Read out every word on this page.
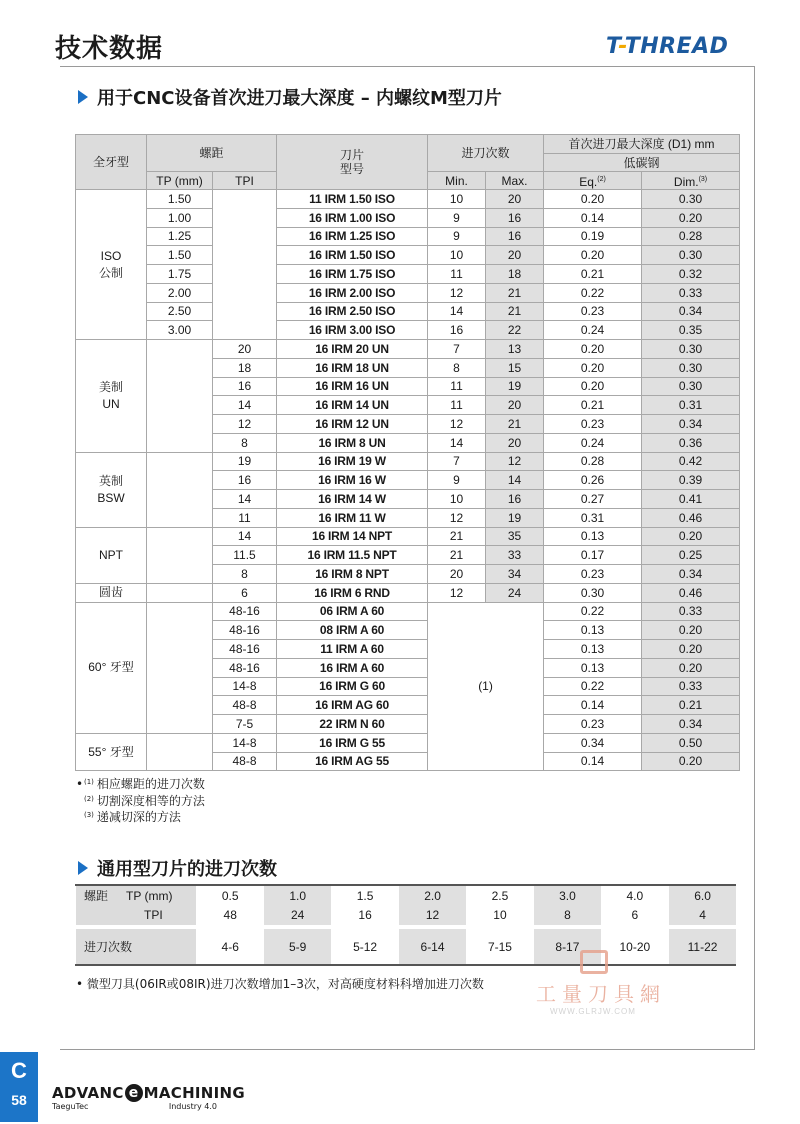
技术数据	T-THREAD
用于CNC设备首次进刀最大深度 – 内螺纹M型刀片
全牙型	螺距		刀片
型号	进刀次数		首次进刀最大深度 (D1) mm	
						低碳钢	
	TP (mm)	TPI		Min.	Max.	Eq.$^{(2)}$	Dim.$^{(3)}$
ISO
公制	1.50		11 IRM 1.50 ISO	10	20	0.20	0.30
	1.00		16 IRM 1.00 ISO	9	16	0.14	0.20
	1.25		16 IRM 1.25 ISO	9	16	0.19	0.28
	1.50		16 IRM 1.50 ISO	10	20	0.20	0.30
	1.75		16 IRM 1.75 ISO	11	18	0.21	0.32
	2.00		16 IRM 2.00 ISO	12	21	0.22	0.33
	2.50		16 IRM 2.50 ISO	14	21	0.23	0.34
	3.00		16 IRM 3.00 ISO	16	22	0.24	0.35
美制
UN		20	16 IRM 20 UN	7	13	0.20	0.30
		18	16 IRM 18 UN	8	15	0.20	0.30
		16	16 IRM 16 UN	11	19	0.20	0.30
		14	16 IRM 14 UN	11	20	0.21	0.31
		12	16 IRM 12 UN	12	21	0.23	0.34
		8	16 IRM 8 UN	14	20	0.24	0.36
英制
BSW		19	16 IRM 19 W	7	12	0.28	0.42
		16	16 IRM 16 W	9	14	0.26	0.39
		14	16 IRM 14 W	10	16	0.27	0.41
		11	16 IRM 11 W	12	19	0.31	0.46
NPT		14	16 IRM 14 NPT	21	35	0.13	0.20
		11.5	16 IRM 11.5 NPT	21	33	0.17	0.25
		8	16 IRM 8 NPT	20	34	0.23	0.34
圆齿		6	16 IRM 6 RND	12	24	0.30	0.46
60° 牙型		48-16	06 IRM A 60	(1)		0.22	0.33
		48-16	08 IRM A 60			0.13	0.20
		48-16	11 IRM A 60			0.13	0.20
		48-16	16 IRM A 60			0.13	0.20
		14-8	16 IRM G 60			0.22	0.33
		48-8	16 IRM AG 60			0.14	0.21
		7-5	22 IRM N 60			0.23	0.34
55° 牙型		14-8	16 IRM G 55			0.34	0.50
		48-8	16 IRM AG 55			0.14	0.20
•$^{(1)}$ 相应螺距的进刀次数
$^{(2)}$ 切割深度相等的方法
$^{(3)}$ 递减切深的方法
通用型刀片的进刀次数
螺距 TP (mm)	0.5	1.0	1.5	2.0	2.5	3.0	4.0	6.0
TPI	48	24	16	12	10	8	6	4

进刀次数	4-6	5-9	5-12	6-14	7-15	8-17	10-20	11-22
• 微型刀具(06IR或08IR)进刀次数增加1–3次，对高硬度材料科增加进刀次数	工量刀具網
WWW.GLRJW.COM
C
58	ADVANC e MACHINING
TaeguTec	Industry 4.0
